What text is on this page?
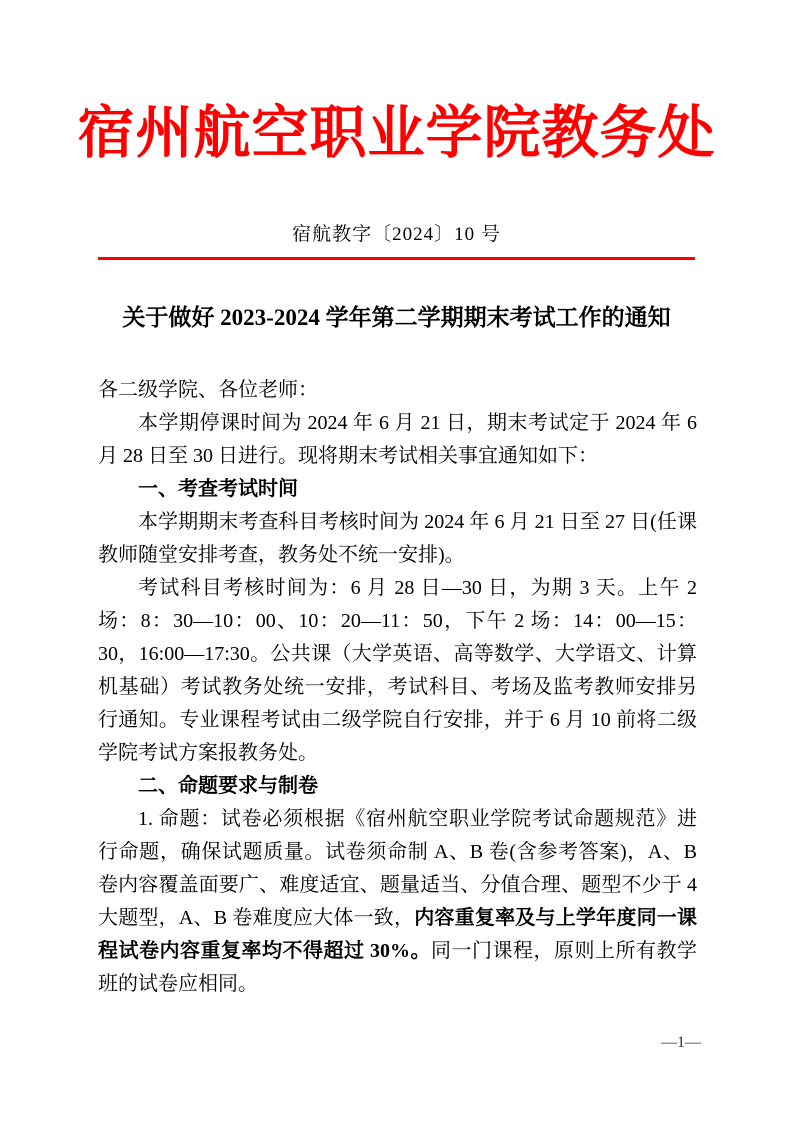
宿州航空职业学院教务处
宿航教字〔2024〕10 号
关于做好 2023-2024 学年第二学期期末考试工作的通知

各二级学院、各位老师：

本学期停课时间为 2024 年 6 月 21 日，期末考试定于 2024 年 6 月 28 日至 30 日进行。现将期末考试相关事宜通知如下：

一、考查考试时间

本学期期末考查科目考核时间为 2024 年 6 月 21 日至 27 日(任课教师随堂安排考查，教务处不统一安排)。

考试科目考核时间为：6 月 28 日—30 日，为期 3 天。上午 2 场：8：30—10：00、10：20—11：50，下午 2 场：14：00—15：30，16:00—17:30。公共课（大学英语、高等数学、大学语文、计算机基础）考试教务处统一安排，考试科目、考场及监考教师安排另行通知。专业课程考试由二级学院自行安排，并于 6 月 10 前将二级学院考试方案报教务处。

二、命题要求与制卷

1. 命题：试卷必须根据《宿州航空职业学院考试命题规范》进行命题，确保试题质量。试卷须命制 A、B 卷(含参考答案)，A、B 卷内容覆盖面要广、难度适宜、题量适当、分值合理、题型不少于 4 大题型，A、B 卷难度应大体一致，内容重复率及与上学年度同一课程试卷内容重复率均不得超过 30%。同一门课程，原则上所有教学班的试卷应相同。

—1—
